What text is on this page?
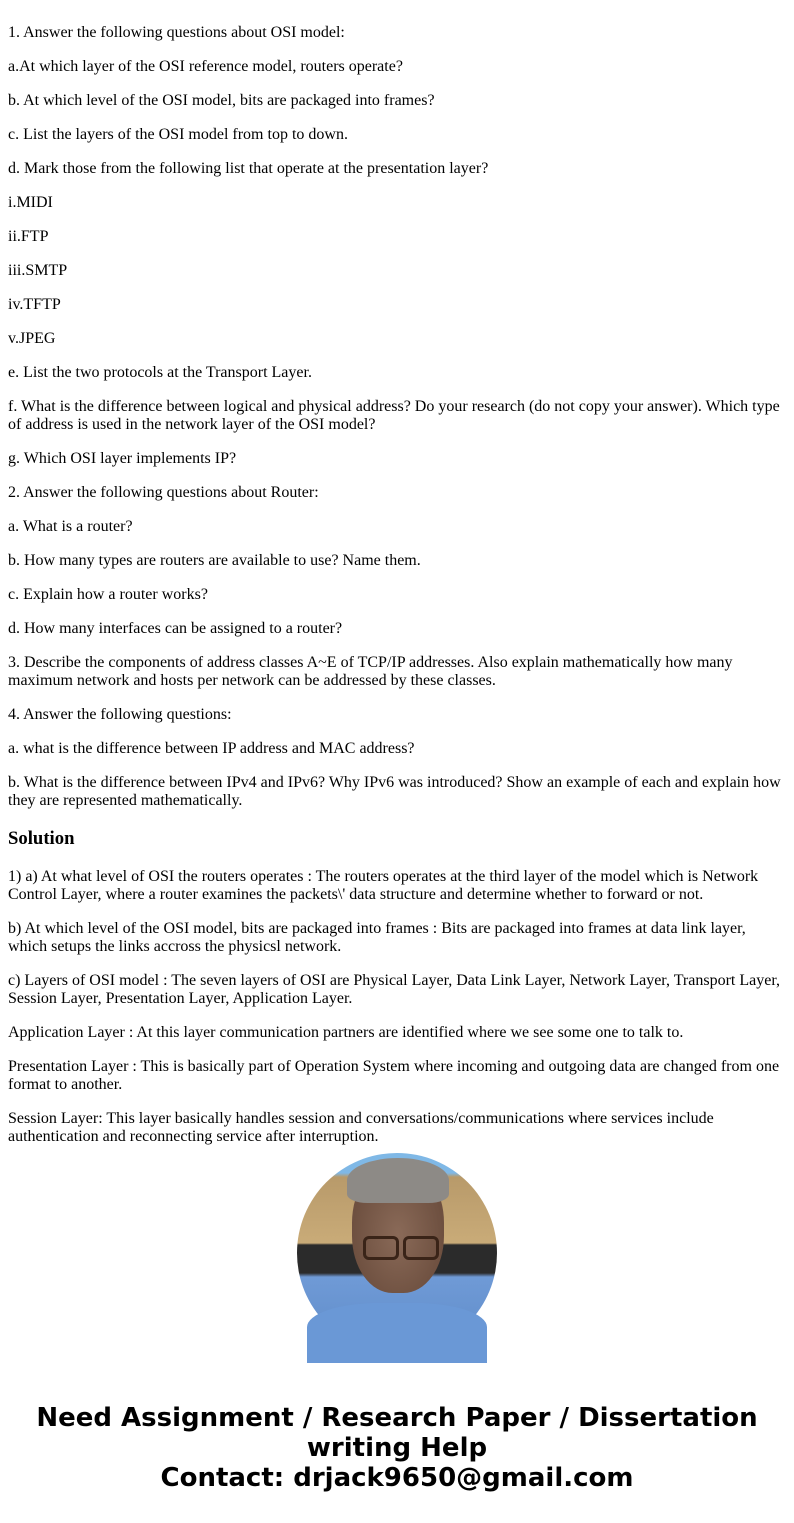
1. Answer the following questions about OSI model:

a.At which layer of the OSI reference model, routers operate?

b. At which level of the OSI model, bits are packaged into frames?

c. List the layers of the OSI model from top to down.

d. Mark those from the following list that operate at the presentation layer?

i.MIDI

ii.FTP

iii.SMTP

iv.TFTP

v.JPEG

e. List the two protocols at the Transport Layer.

f. What is the difference between logical and physical address? Do your research (do not copy your answer). Which type of address is used in the network layer of the OSI model?

g. Which OSI layer implements IP?

2. Answer the following questions about Router:

a. What is a router?

b. How many types are routers are available to use? Name them.

c. Explain how a router works?

d. How many interfaces can be assigned to a router?

3. Describe the components of address classes A~E of TCP/IP addresses. Also explain mathematically how many maximum network and hosts per network can be addressed by these classes.

4. Answer the following questions:

a. what is the difference between IP address and MAC address?

b. What is the difference between IPv4 and IPv6? Why IPv6 was introduced? Show an example of each and explain how they are represented mathematically.

Solution

1) a) At what level of OSI the routers operates : The routers operates at the third layer of the model which is Network Control Layer, where a router examines the packets\' data structure and determine whether to forward or not.

b) At which level of the OSI model, bits are packaged into frames : Bits are packaged into frames at data link layer, which setups the links accross the physicsl network.

c) Layers of OSI model : The seven layers of OSI are Physical Layer, Data Link Layer, Network Layer, Transport Layer, Session Layer, Presentation Layer, Application Layer.

Application Layer : At this layer communication partners are identified where we see some one to talk to.

Presentation Layer : This is basically part of Operation System where incoming and outgoing data are changed from one format to another.

Session Layer: This layer basically handles session and conversations/communications where services include authentication and reconnecting service after interruption.

Need Assignment / Research Paper / Dissertation writing Help
Contact: drjack9650@gmail.com
